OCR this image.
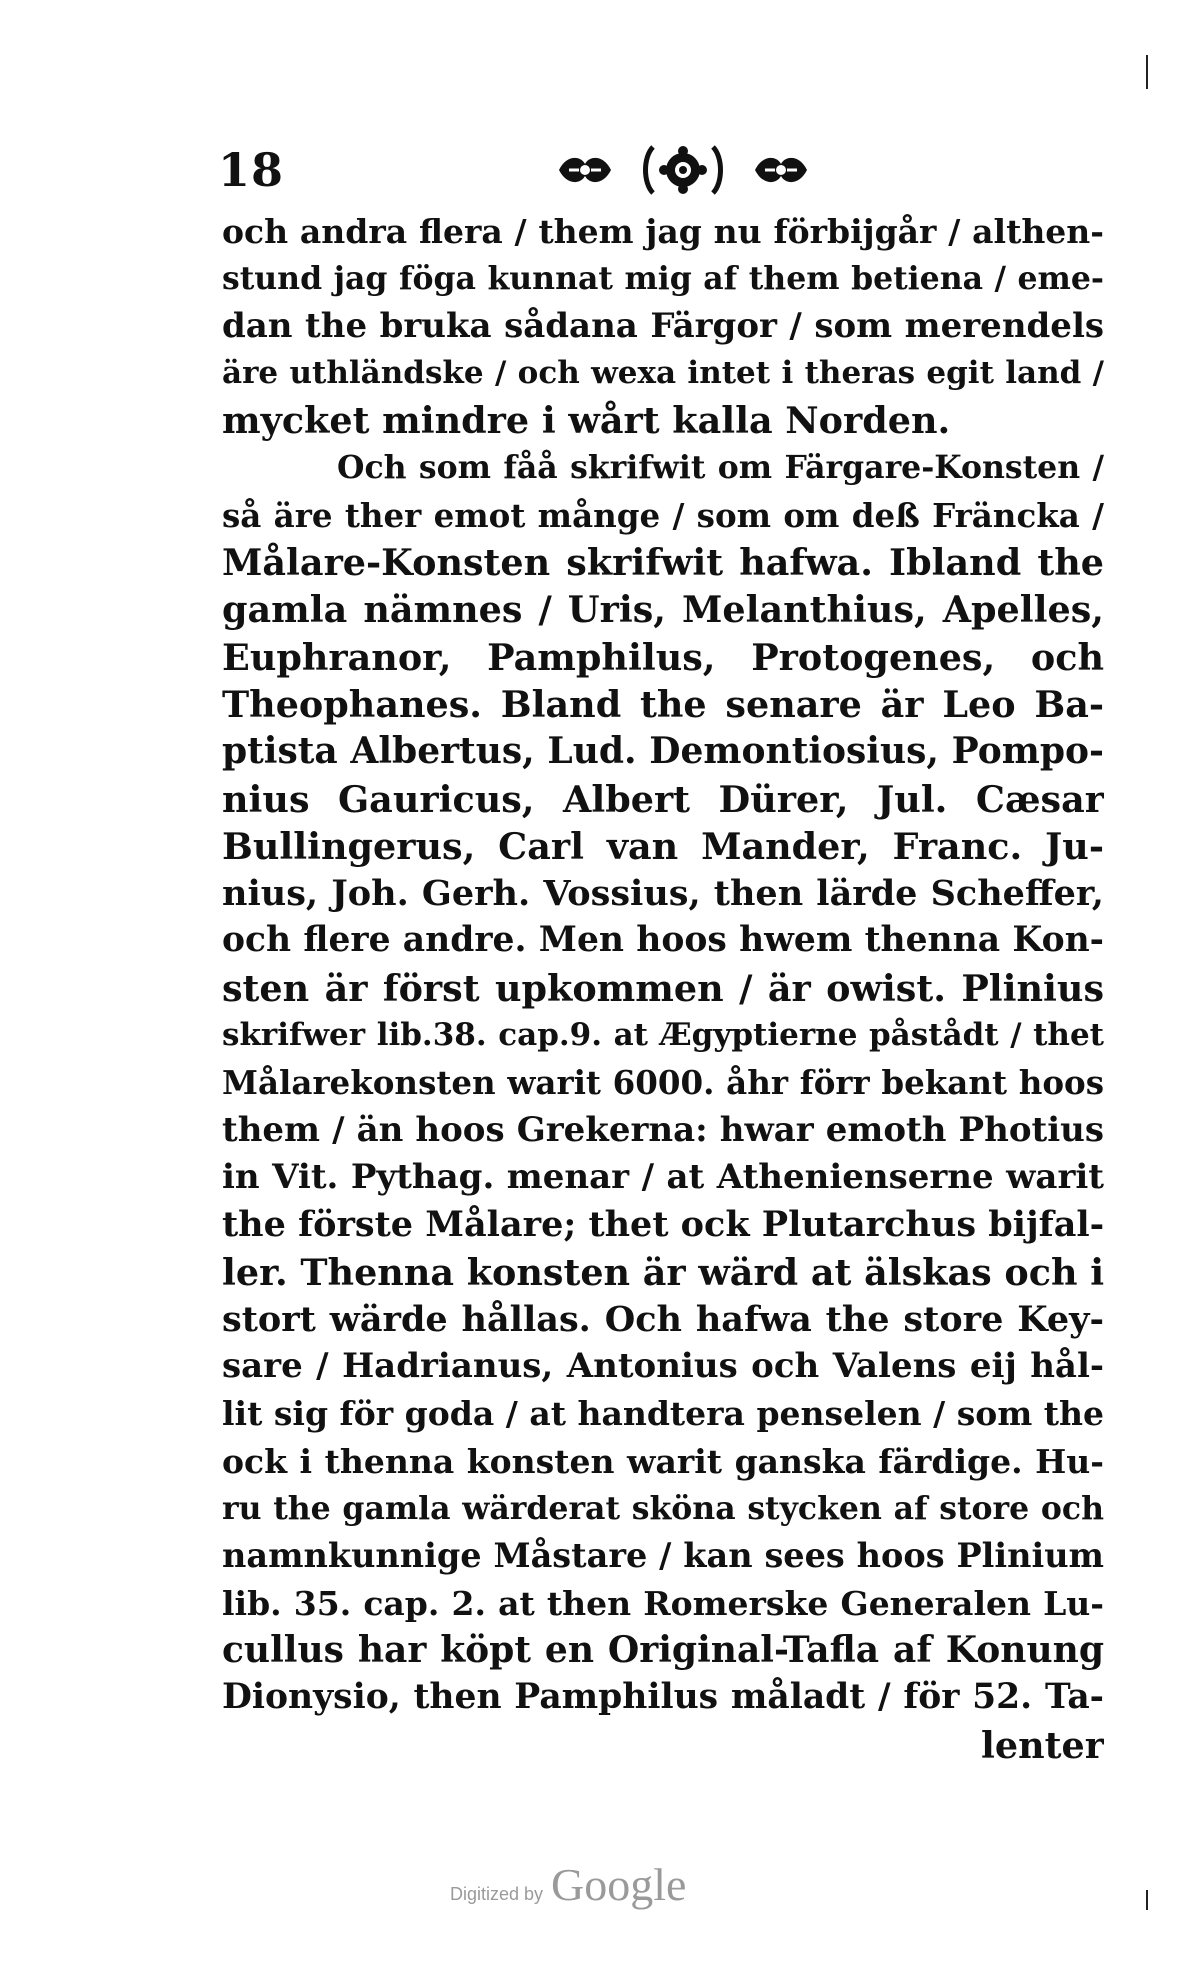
18
och andra flera / them jag nu förbijgår / althen-
stund jag föga kunnat mig af them betiena / eme-
dan the bruka sådana Färgor / som merendels
äre uthländske / och wexa intet i theras egit land /
mycket mindre i wårt kalla Norden.
Och som fåå skrifwit om Färgare-Konsten /
så äre ther emot månge / som om deß Fräncka /
Målare-Konsten skrifwit hafwa. Ibland the
gamla nämnes / Uris, Melanthius, Apelles,
Euphranor, Pamphilus, Protogenes, och
Theophanes. Bland the senare är Leo Ba-
ptista Albertus, Lud. Demontiosius, Pompo-
nius Gauricus, Albert Dürer, Jul. Cæsar
Bullingerus, Carl van Mander, Franc. Ju-
nius, Joh. Gerh. Vossius, then lärde Scheffer,
och flere andre. Men hoos hwem thenna Kon-
sten är först upkommen / är owist. Plinius
skrifwer lib.38. cap.9. at Ægyptierne påstådt / thet
Målarekonsten warit 6000. åhr förr bekant hoos
them / än hoos Grekerna: hwar emoth Photius
in Vit. Pythag. menar / at Athenienserne warit
the förste Målare; thet ock Plutarchus bijfal-
ler. Thenna konsten är wärd at älskas och i
stort wärde hållas. Och hafwa the store Key-
sare / Hadrianus, Antonius och Valens eij hål-
lit sig för goda / at handtera penselen / som the
ock i thenna konsten warit ganska färdige. Hu-
ru the gamla wärderat sköna stycken af store och
namnkunnige Måstare / kan sees hoos Plinium
lib. 35. cap. 2. at then Romerske Generalen Lu-
cullus har köpt en Original-Tafla af Konung
Dionysio, then Pamphilus måladt / för 52. Ta-
lenter
Digitized by Google
